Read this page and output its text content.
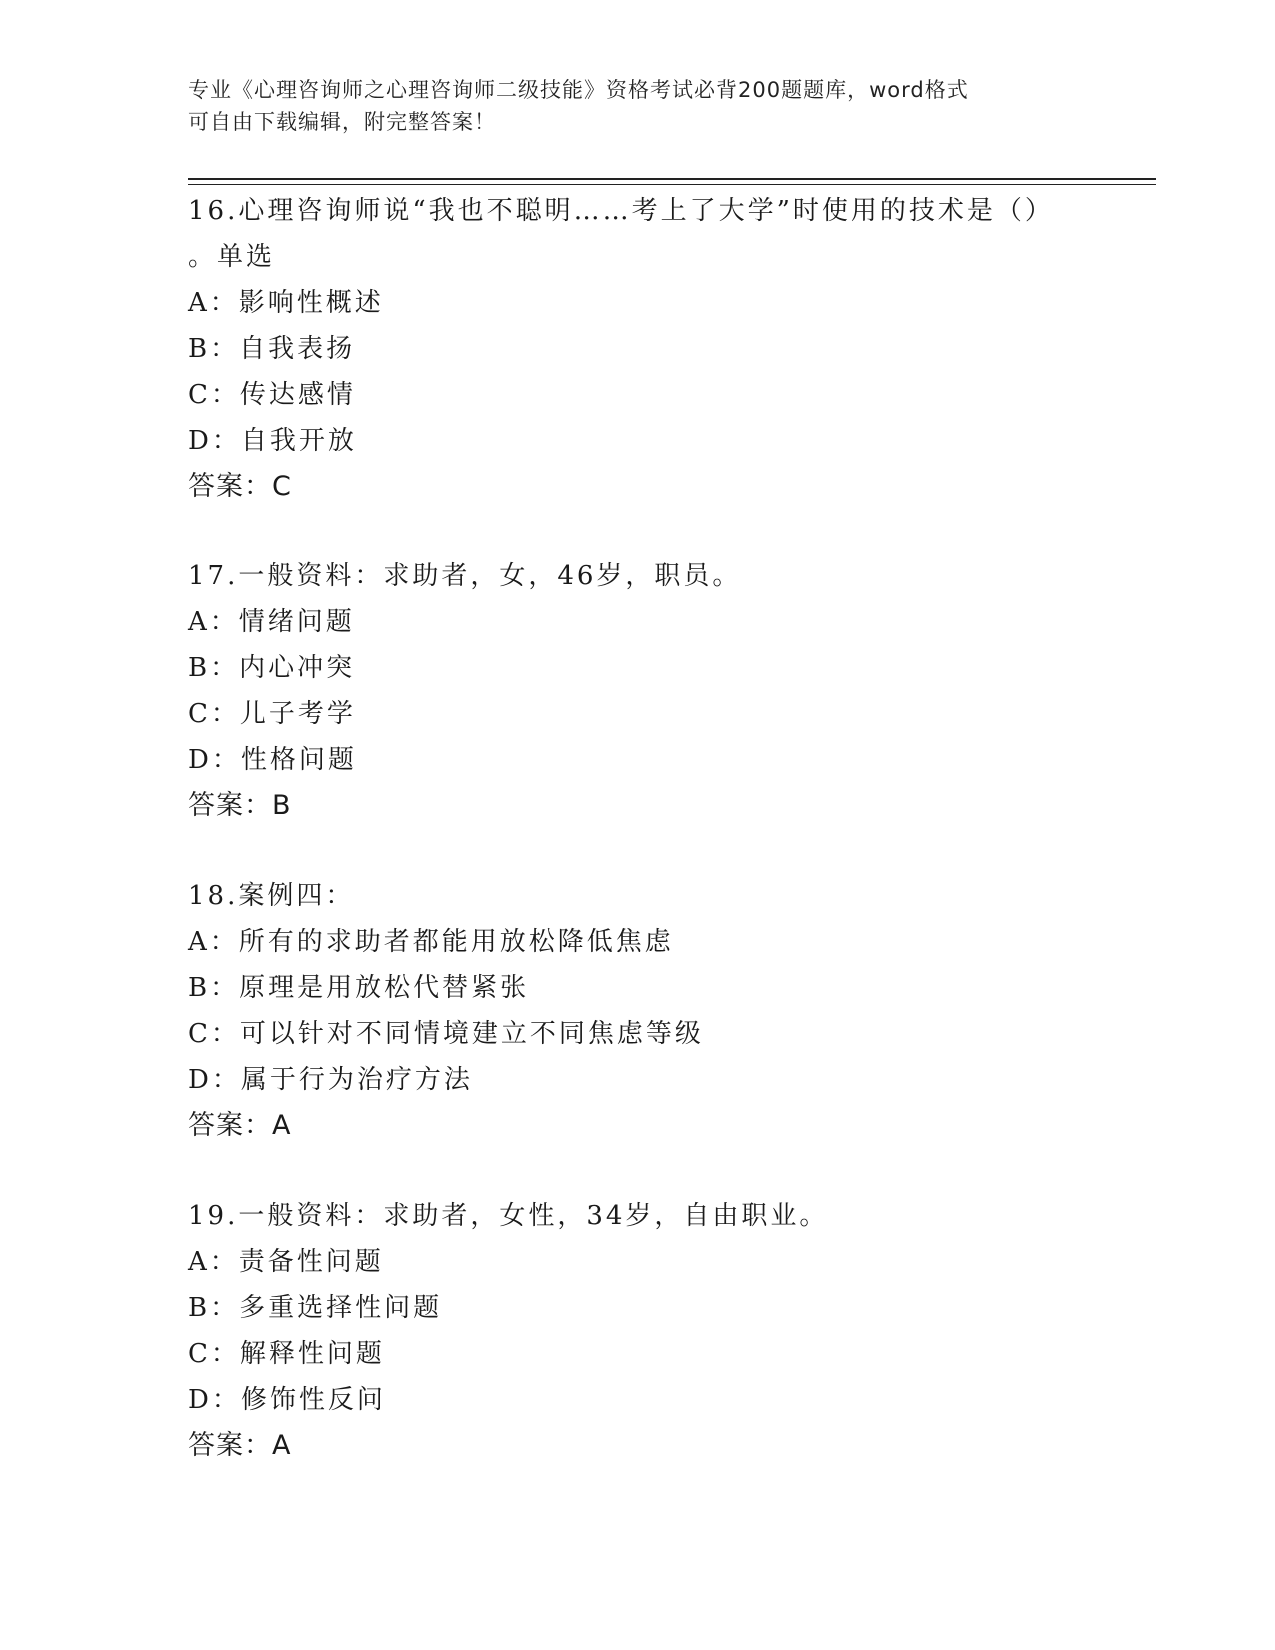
专业《心理咨询师之心理咨询师二级技能》资格考试必背200题题库，word格式
可自由下载编辑，附完整答案！
16.心理咨询师说“我也不聪明……考上了大学”时使用的技术是（）
。单选
A：影响性概述
B：自我表扬
C：传达感情
D：自我开放
答案：C
17.一般资料：求助者，女，46岁，职员。
A：情绪问题
B：内心冲突
C：儿子考学
D：性格问题
答案：B
18.案例四：
A：所有的求助者都能用放松降低焦虑
B：原理是用放松代替紧张
C：可以针对不同情境建立不同焦虑等级
D：属于行为治疗方法
答案：A
19.一般资料：求助者，女性，34岁，自由职业。
A：责备性问题
B：多重选择性问题
C：解释性问题
D：修饰性反问
答案：A
